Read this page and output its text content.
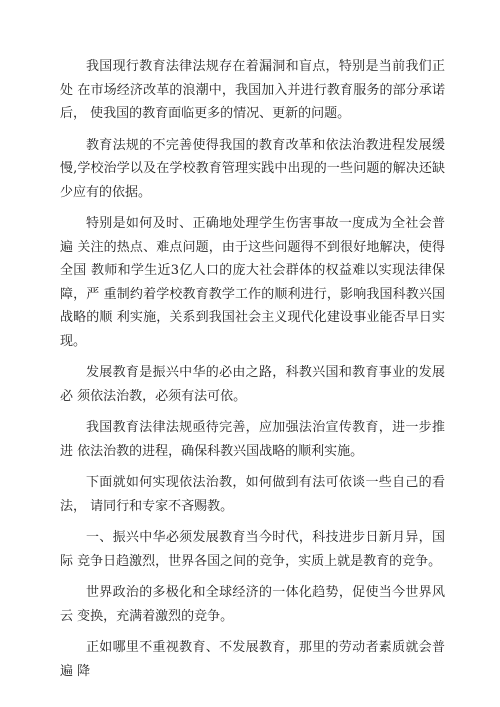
我国现行教育法律法规存在着漏洞和盲点，特别是当前我们正处 在市场经济改革的浪潮中，我国加入并进行教育服务的部分承诺后， 使我国的教育面临更多的情况、更新的问题。

教育法规的不完善使得我国的教育改革和依法治教进程发展缓 慢,学校治学以及在学校教育管理实践中出现的一些问题的解决还缺 少应有的依据。

特别是如何及时、正确地处理学生伤害事故一度成为全社会普遍 关注的热点、难点问题，由于这些问题得不到很好地解决，使得全国 教师和学生近3亿人口的庞大社会群体的权益难以实现法律保障，严 重制约着学校教育教学工作的顺利进行，影响我国科教兴国战略的顺 利实施，关系到我国社会主义现代化建设事业能否早日实现。

发展教育是振兴中华的必由之路，科教兴国和教育事业的发展必 须依法治教，必须有法可依。

我国教育法律法规亟待完善，应加强法治宣传教育，进一步推进 依法治教的进程，确保科教兴国战略的顺利实施。

下面就如何实现依法治教，如何做到有法可依谈一些自己的看法， 请同行和专家不吝赐教。

一、振兴中华必须发展教育当今时代，科技进步日新月异，国际 竞争日趋激烈，世界各国之间的竞争，实质上就是教育的竞争。

世界政治的多极化和全球经济的一体化趋势，促使当今世界风云 变换，充满着激烈的竞争。

正如哪里不重视教育、不发展教育，那里的劳动者素质就会普遍 降
